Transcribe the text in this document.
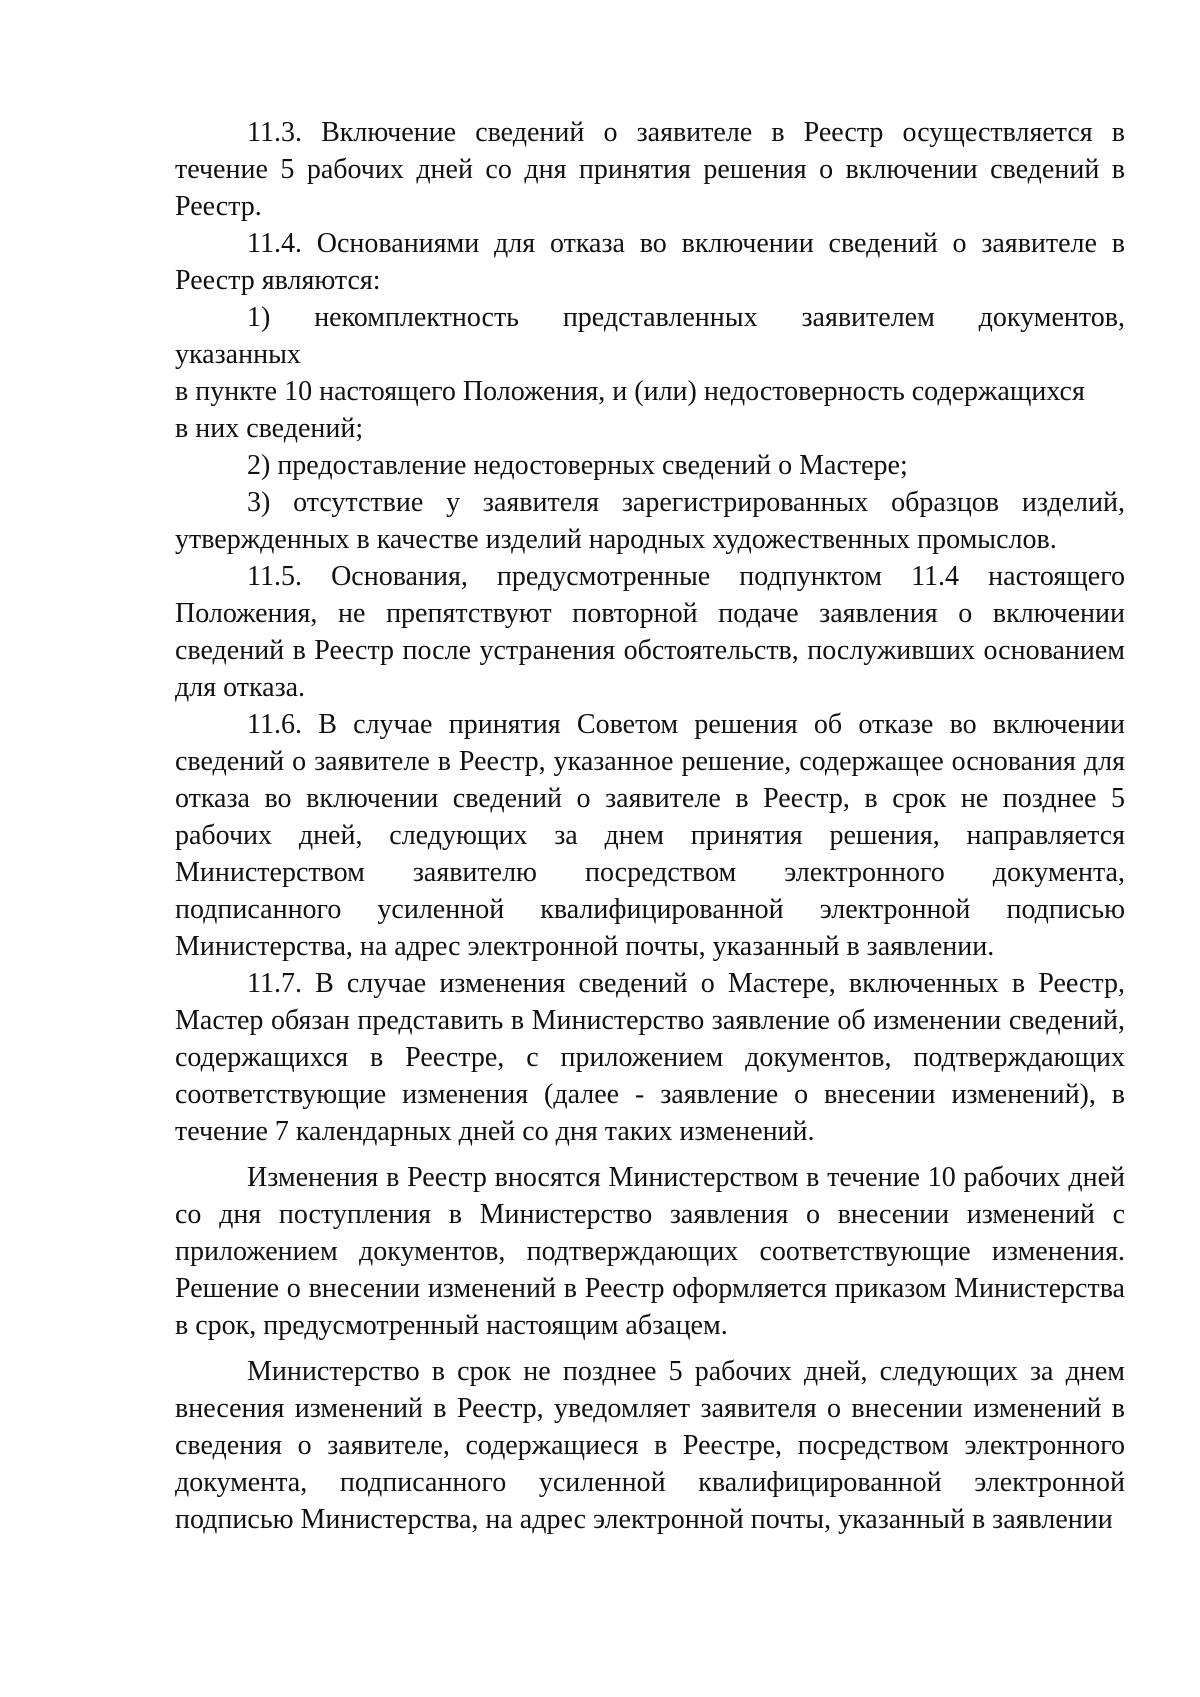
11.3. Включение сведений о заявителе в Реестр осуществляется в течение 5 рабочих дней со дня принятия решения о включении сведений в Реестр.

11.4. Основаниями для отказа во включении сведений о заявителе в Реестр являются:

1) некомплектность представленных заявителем документов,
указанных
в пункте 10 настоящего Положения, и (или) недостоверность содержащихся
в них сведений;

2) предоставление недостоверных сведений о Мастере;

3) отсутствие у заявителя зарегистрированных образцов изделий, утвержденных в качестве изделий народных художественных промыслов.

11.5. Основания, предусмотренные подпунктом 11.4 настоящего Положения, не препятствуют повторной подаче заявления о включении сведений в Реестр после устранения обстоятельств, послуживших основанием для отказа.

11.6. В случае принятия Советом решения об отказе во включении сведений о заявителе в Реестр, указанное решение, содержащее основания для отказа во включении сведений о заявителе в Реестр, в срок не позднее 5 рабочих дней, следующих за днем принятия решения, направляется Министерством заявителю посредством электронного документа, подписанного усиленной квалифицированной электронной подписью Министерства, на адрес электронной почты, указанный в заявлении.

11.7. В случае изменения сведений о Мастере, включенных в Реестр, Мастер обязан представить в Министерство заявление об изменении сведений, содержащихся в Реестре, с приложением документов, подтверждающих соответствующие изменения (далее - заявление о внесении изменений), в течение 7 календарных дней со дня таких изменений.

Изменения в Реестр вносятся Министерством в течение 10 рабочих дней со дня поступления в Министерство заявления о внесении изменений с приложением документов, подтверждающих соответствующие изменения. Решение о внесении изменений в Реестр оформляется приказом Министерства в срок, предусмотренный настоящим абзацем.

Министерство в срок не позднее 5 рабочих дней, следующих за днем внесения изменений в Реестр, уведомляет заявителя о внесении изменений в сведения о заявителе, содержащиеся в Реестре, посредством электронного документа, подписанного усиленной квалифицированной электронной подписью Министерства, на адрес электронной почты, указанный в заявлении
